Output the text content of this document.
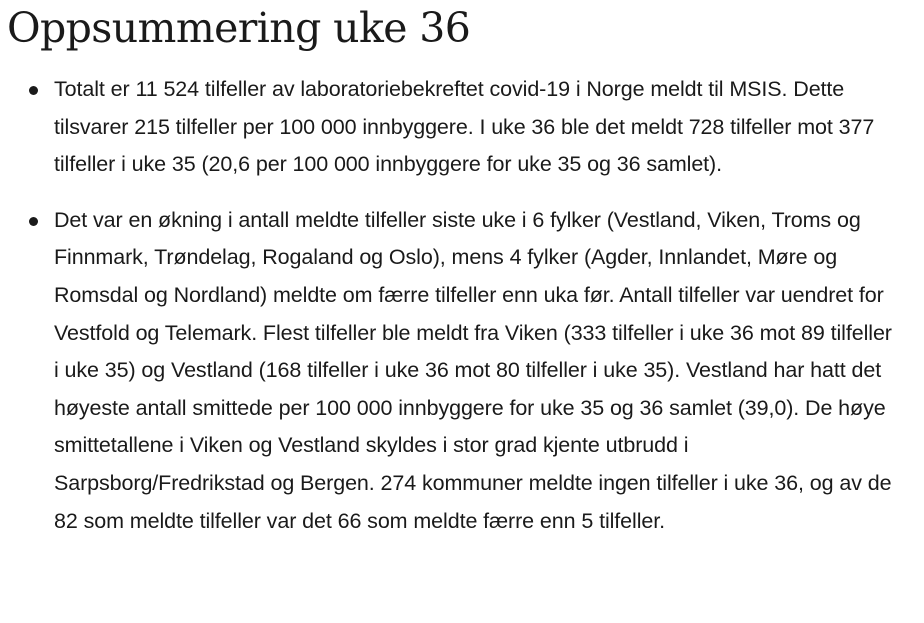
Oppsummering uke 36
Totalt er 11 524 tilfeller av laboratoriebekreftet covid-19 i Norge meldt til MSIS. Dette tilsvarer 215 tilfeller per 100 000 innbyggere. I uke 36 ble det meldt 728 tilfeller mot 377 tilfeller i uke 35 (20,6 per 100 000 innbyggere for uke 35 og 36 samlet).
Det var en økning i antall meldte tilfeller siste uke i 6 fylker (Vestland, Viken, Troms og Finnmark, Trøndelag, Rogaland og Oslo), mens 4 fylker (Agder, Innlandet, Møre og Romsdal og Nordland) meldte om færre tilfeller enn uka før. Antall tilfeller var uendret for Vestfold og Telemark. Flest tilfeller ble meldt fra Viken (333 tilfeller i uke 36 mot 89 tilfeller i uke 35) og Vestland (168 tilfeller i uke 36 mot 80 tilfeller i uke 35). Vestland har hatt det høyeste antall smittede per 100 000 innbyggere for uke 35 og 36 samlet (39,0). De høye smittetallene i Viken og Vestland skyldes i stor grad kjente utbrudd i Sarpsborg/Fredrikstad og Bergen. 274 kommuner meldte ingen tilfeller i uke 36, og av de 82 som meldte tilfeller var det 66 som meldte færre enn 5 tilfeller.
